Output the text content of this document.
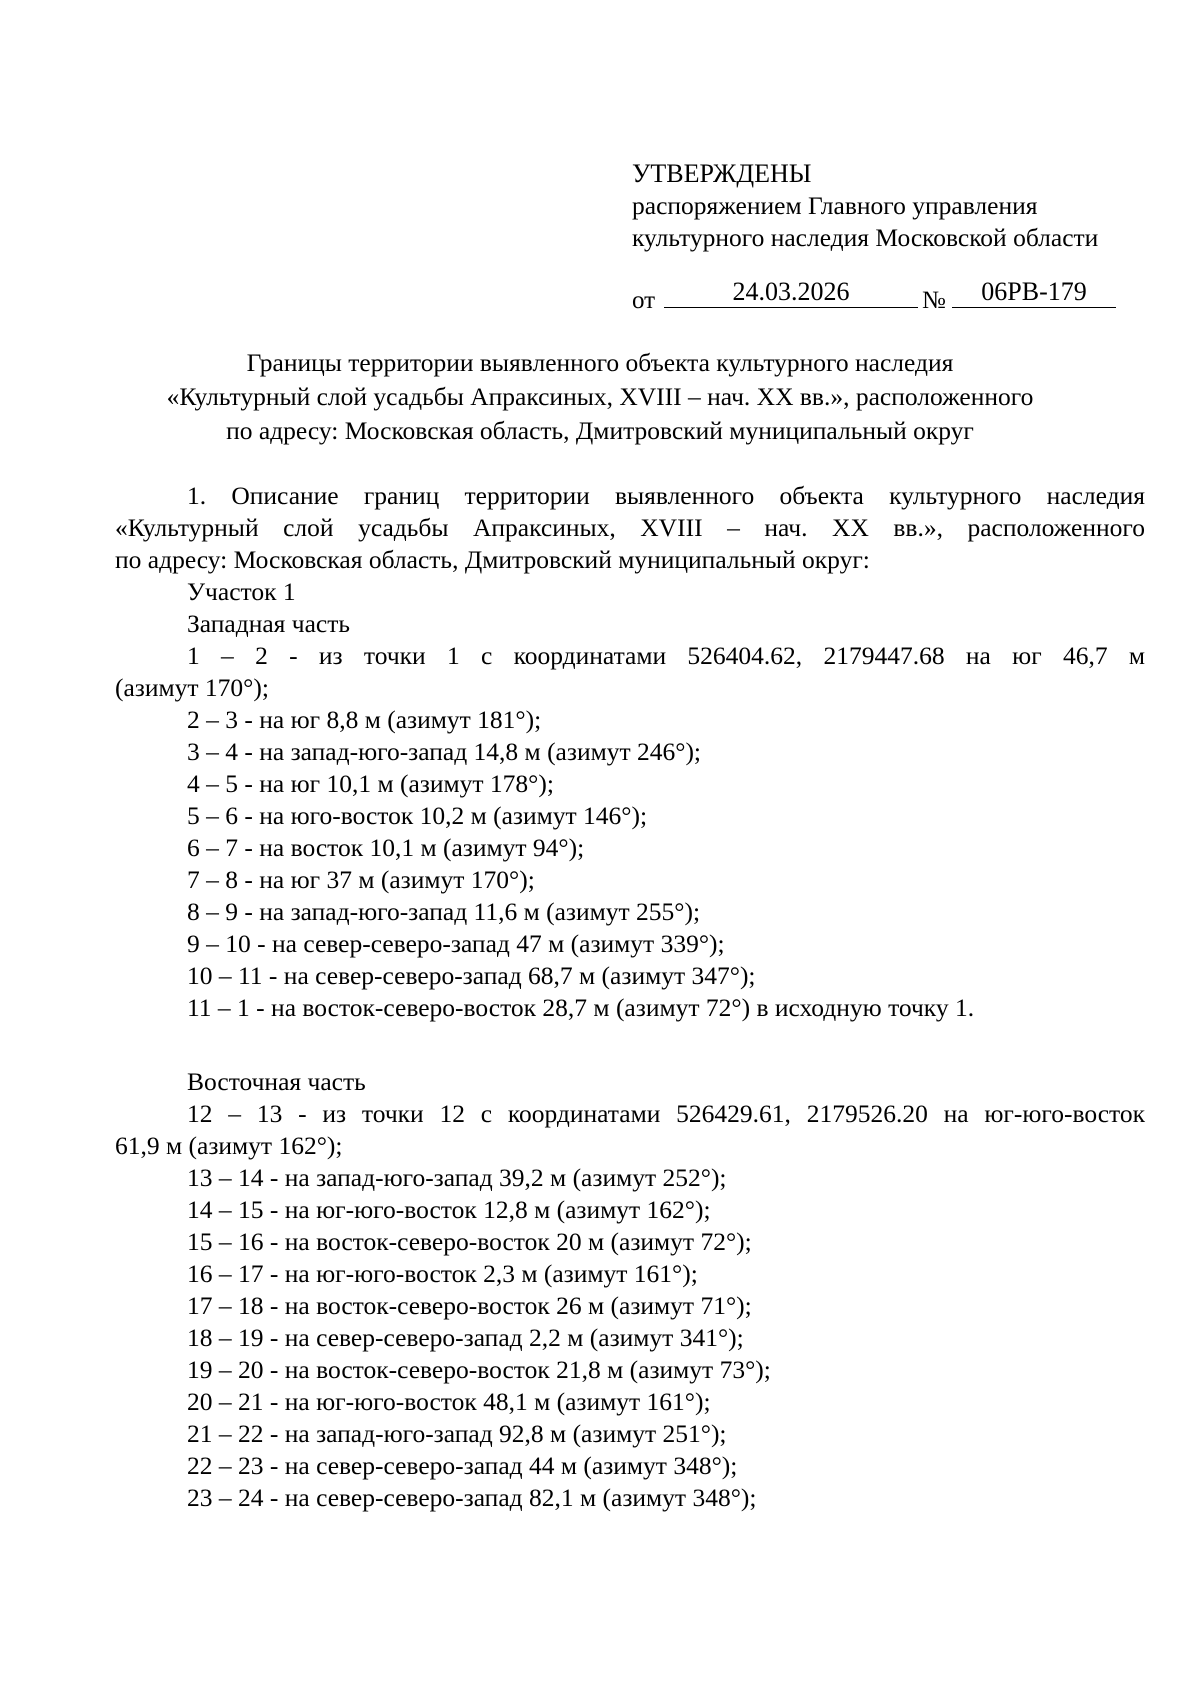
УТВЕРЖДЕНЫ
распоряжением Главного управления
культурного наследия Московской области
от	24.03.2026	№	06РВ-179
Границы территории выявленного объекта культурного наследия
«Культурный слой усадьбы Апраксиных, XVIII – нач. XX вв.», расположенного
по адресу: Московская область, Дмитровский муниципальный округ

1. Описание границ территории выявленного объекта культурного наследия

«Культурный слой усадьбы Апраксиных, XVIII – нач. XX вв.», расположенного

по адресу: Московская область, Дмитровский муниципальный округ:

Участок 1

Западная часть

1 – 2 - из точки 1 с координатами 526404.62, 2179447.68 на юг 46,7 м

(азимут 170°);

2 – 3 - на юг 8,8 м (азимут 181°);

3 – 4 - на запад-юго-запад 14,8 м (азимут 246°);

4 – 5 - на юг 10,1 м (азимут 178°);

5 – 6 - на юго-восток 10,2 м (азимут 146°);

6 – 7 - на восток 10,1 м (азимут 94°);

7 – 8 - на юг 37 м (азимут 170°);

8 – 9 - на запад-юго-запад 11,6 м (азимут 255°);

9 – 10 - на север-северо-запад 47 м (азимут 339°);

10 – 11 - на север-северо-запад 68,7 м (азимут 347°);

11 – 1 - на восток-северо-восток 28,7 м (азимут 72°) в исходную точку 1.

Восточная часть

12 – 13 - из точки 12 с координатами 526429.61, 2179526.20 на юг-юго-восток

61,9 м (азимут 162°);

13 – 14 - на запад-юго-запад 39,2 м (азимут 252°);

14 – 15 - на юг-юго-восток 12,8 м (азимут 162°);

15 – 16 - на восток-северо-восток 20 м (азимут 72°);

16 – 17 - на юг-юго-восток 2,3 м (азимут 161°);

17 – 18 - на восток-северо-восток 26 м (азимут 71°);

18 – 19 - на север-северо-запад 2,2 м (азимут 341°);

19 – 20 - на восток-северо-восток 21,8 м (азимут 73°);

20 – 21 - на юг-юго-восток 48,1 м (азимут 161°);

21 – 22 - на запад-юго-запад 92,8 м (азимут 251°);

22 – 23 - на север-северо-запад 44 м (азимут 348°);

23 – 24 - на север-северо-запад 82,1 м (азимут 348°);
